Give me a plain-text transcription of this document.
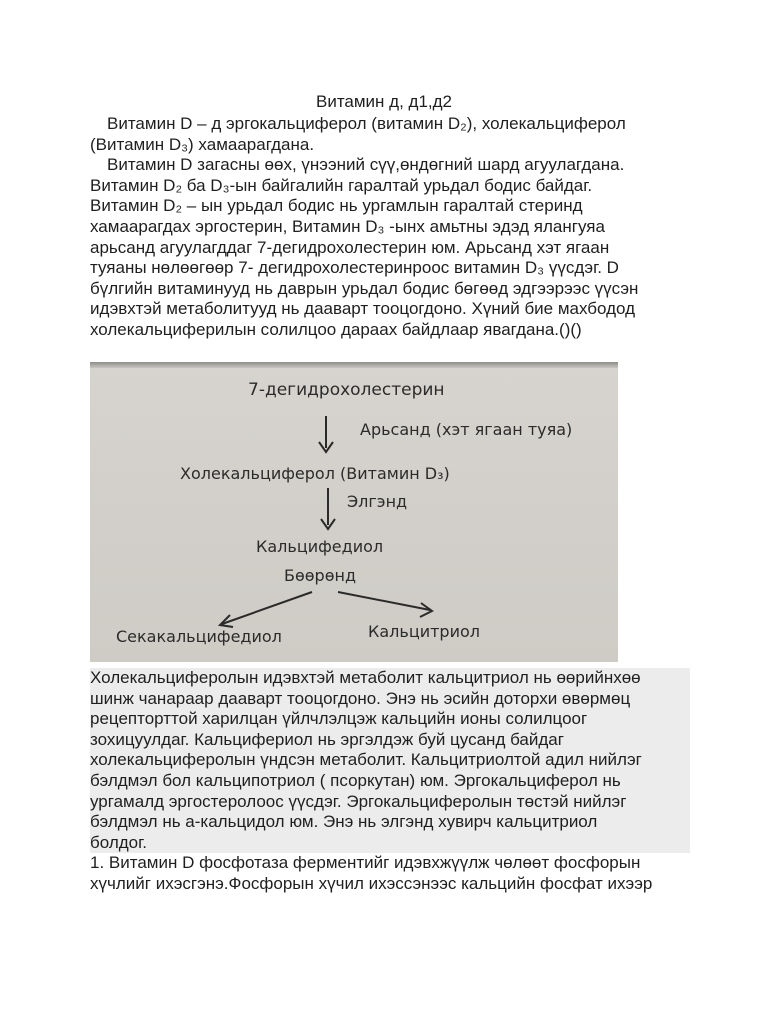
Витамин д, д1,д2
Витамин D – д эргокальциферол (витамин D₂), холекальциферол
(Витамин D₃) хамаарагдана.
Витамин D загасны өөх, үнээний сүү,өндөгний шард агуулагдана.
Витамин D₂ ба D₃-ын байгалийн гаралтай урьдал бодис байдаг.
Витамин D₂ – ын урьдал бодис нь ургамлын гаралтай стеринд
хамаарагдах эргостерин, Витамин D₃ -ынх амьтны эдэд ялангуяа
арьсанд агуулагддаг 7-дегидрохолестерин юм. Арьсанд хэт ягаан
туяаны нөлөөгөөр 7- дегидрохолестеринроос витамин D₃ үүсдэг. D
бүлгийн витаминууд нь даврын урьдал бодис бөгөөд эдгээрээс үүсэн
идэвхтэй метаболитууд нь дааварт тооцогдоно. Хүний бие махбодод
холекальциферилын солилцоо дараах байдлаар явагдана.()()
7-дегидрохолестерин
Арьсанд (хэт ягаан туяа)
Холекальциферол (Витамин D₃)
Элгэнд
Кальцифедиол
Бөөрөнд
Секакальцифедиол	Кальцитриол
Холекальциферолын идэвхтэй метаболит кальцитриол нь өөрийнхөө
шинж чанараар дааварт тооцогдоно. Энэ нь эсийн доторхи өвөрмөц
рецепторттой харилцан үйлчлэлцэж кальцийн ионы солилцоог
зохицуулдаг. Кальцифериол нь эргэлдэж буй цусанд байдаг
холекальциферолын үндсэн метаболит. Кальцитриолтой адил нийлэг
бэлдмэл бол кальципотриол ( псоркутан) юм. Эргокальциферол нь
ургамалд эргостеролоос үүсдэг. Эргокальциферолын төстэй нийлэг
бэлдмэл нь а-кальцидол юм. Энэ нь элгэнд хувирч кальцитриол
болдог.
1. Витамин D фосфотаза ферментийг идэвхжүүлж чөлөөт фосфорын
хүчлийг ихэсгэнэ.Фосфорын хүчил ихэссэнээс кальцийн фосфат ихээр
